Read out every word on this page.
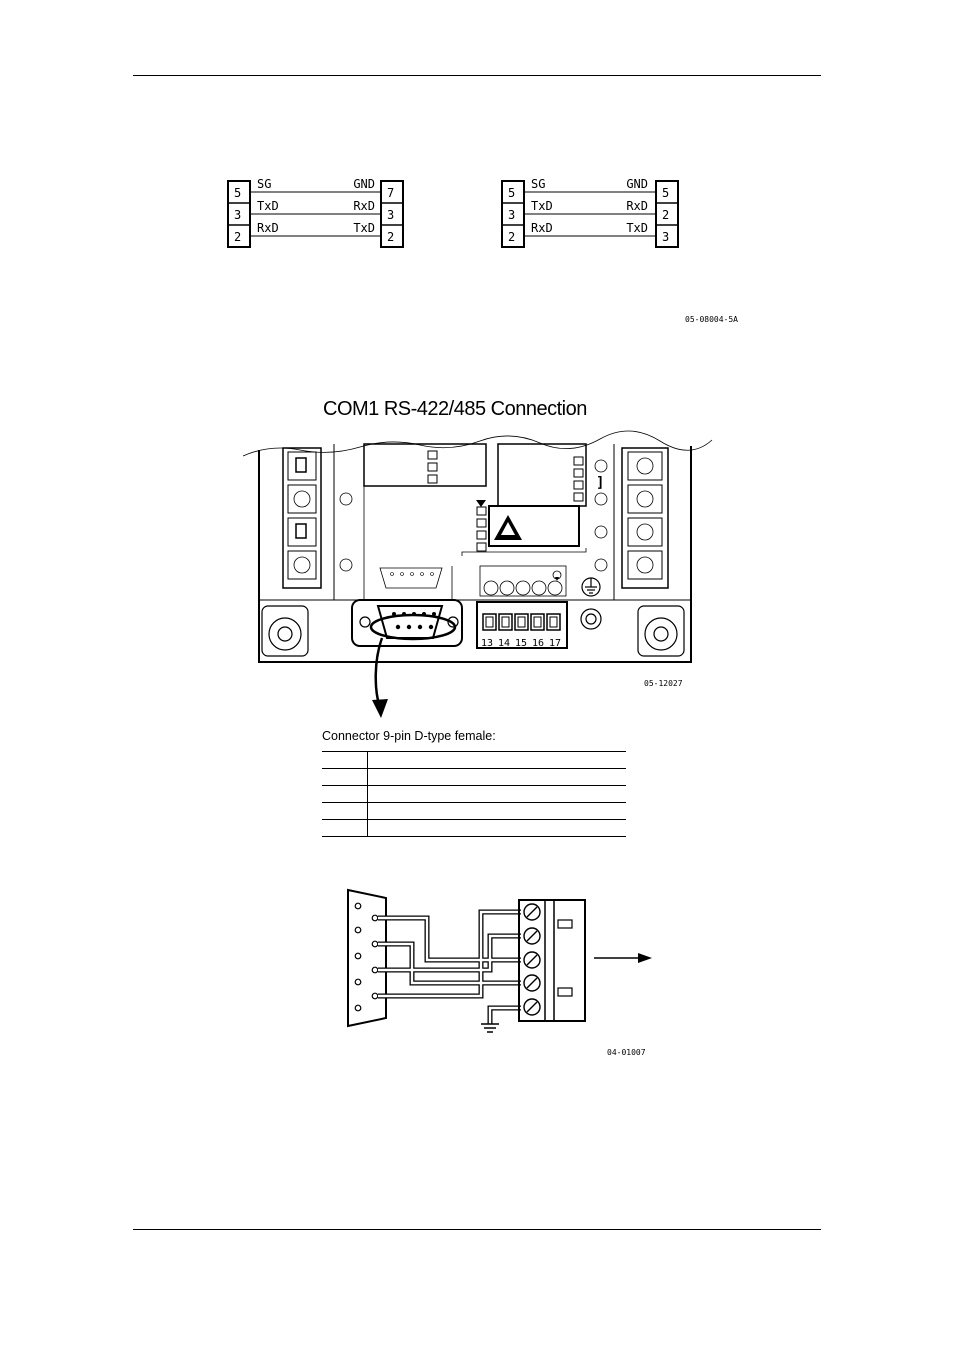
5
3
2
7
3
2
SG
TxD
RxD
GND
RxD
TxD
5
3
2
5
2
3
SG
TxD
RxD
GND
RxD
TxD
05-08004-5A
COM1 RS-422/485 Connection
]
13 14 15 16 17
05-12027
Connector 9-pin D-type female:
04-01007
